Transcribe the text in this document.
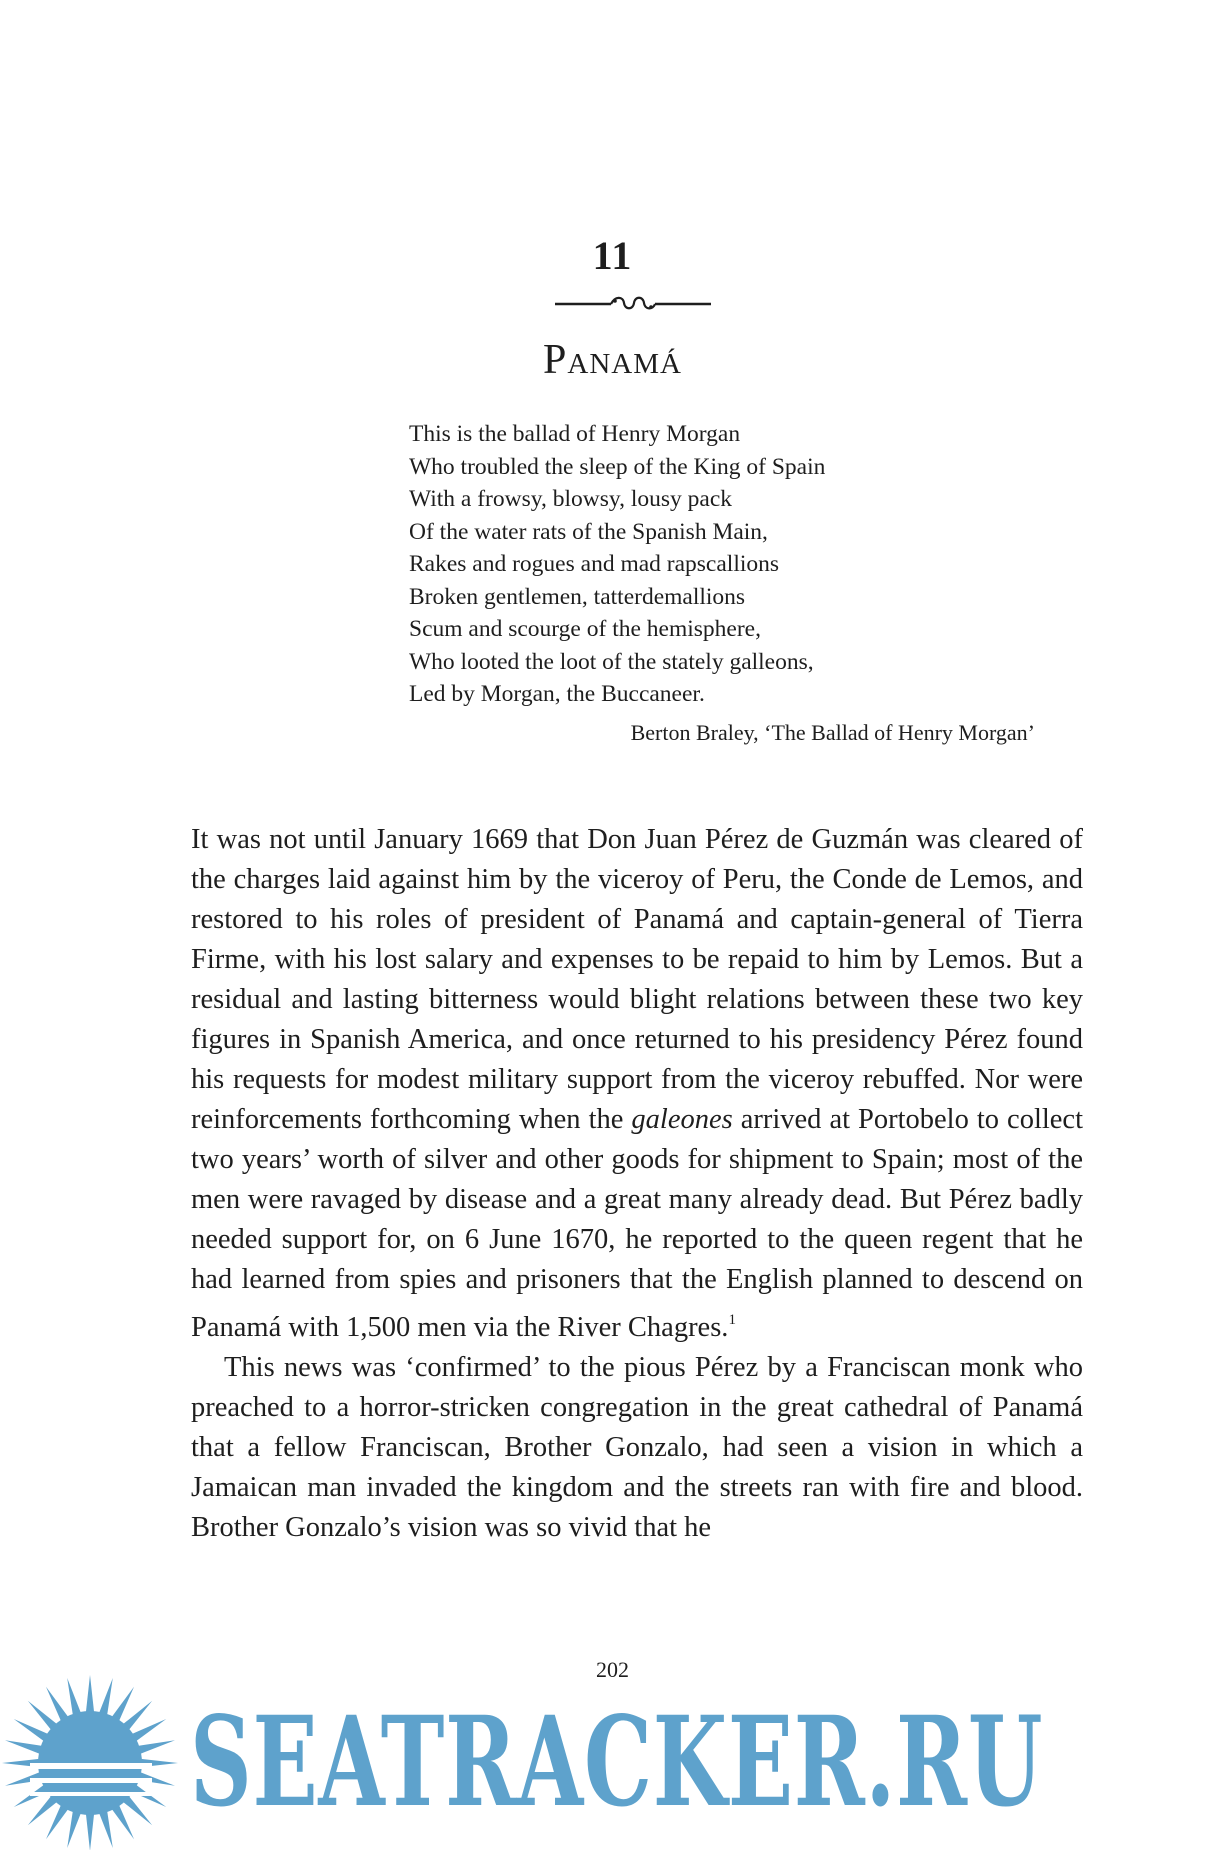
11
Panamá
This is the ballad of Henry Morgan
Who troubled the sleep of the King of Spain
With a frowsy, blowsy, lousy pack
Of the water rats of the Spanish Main,
Rakes and rogues and mad rapscallions
Broken gentlemen, tatterdemallions
Scum and scourge of the hemisphere,
Who looted the loot of the stately galleons,
Led by Morgan, the Buccaneer.
Berton Braley, ‘The Ballad of Henry Morgan’

It was not until January 1669 that Don Juan Pérez de Guzmán was cleared of the charges laid against him by the viceroy of Peru, the Conde de Lemos, and restored to his roles of president of Panamá and captain-general of Tierra Firme, with his lost salary and expenses to be repaid to him by Lemos. But a residual and lasting bitterness would blight relations between these two key figures in Spanish America, and once returned to his presidency Pérez found his requests for modest military support from the viceroy rebuffed. Nor were reinforcements forthcoming when the galeones arrived at Portobelo to collect two years’ worth of silver and other goods for shipment to Spain; most of the men were ravaged by disease and a great many already dead. But Pérez badly needed support for, on 6 June 1670, he reported to the queen regent that he had learned from spies and prisoners that the English planned to descend on Panamá with 1,500 men via the River Chagres.$^1$

This news was ‘confirmed’ to the pious Pérez by a Franciscan monk who preached to a horror-stricken congregation in the great cathedral of Panamá that a fellow Franciscan, Brother Gonzalo, had seen a vision in which a Jamaican man invaded the kingdom and the streets ran with fire and blood. Brother Gonzalo’s vision was so vivid that he

202
SEATRACKER.RU
